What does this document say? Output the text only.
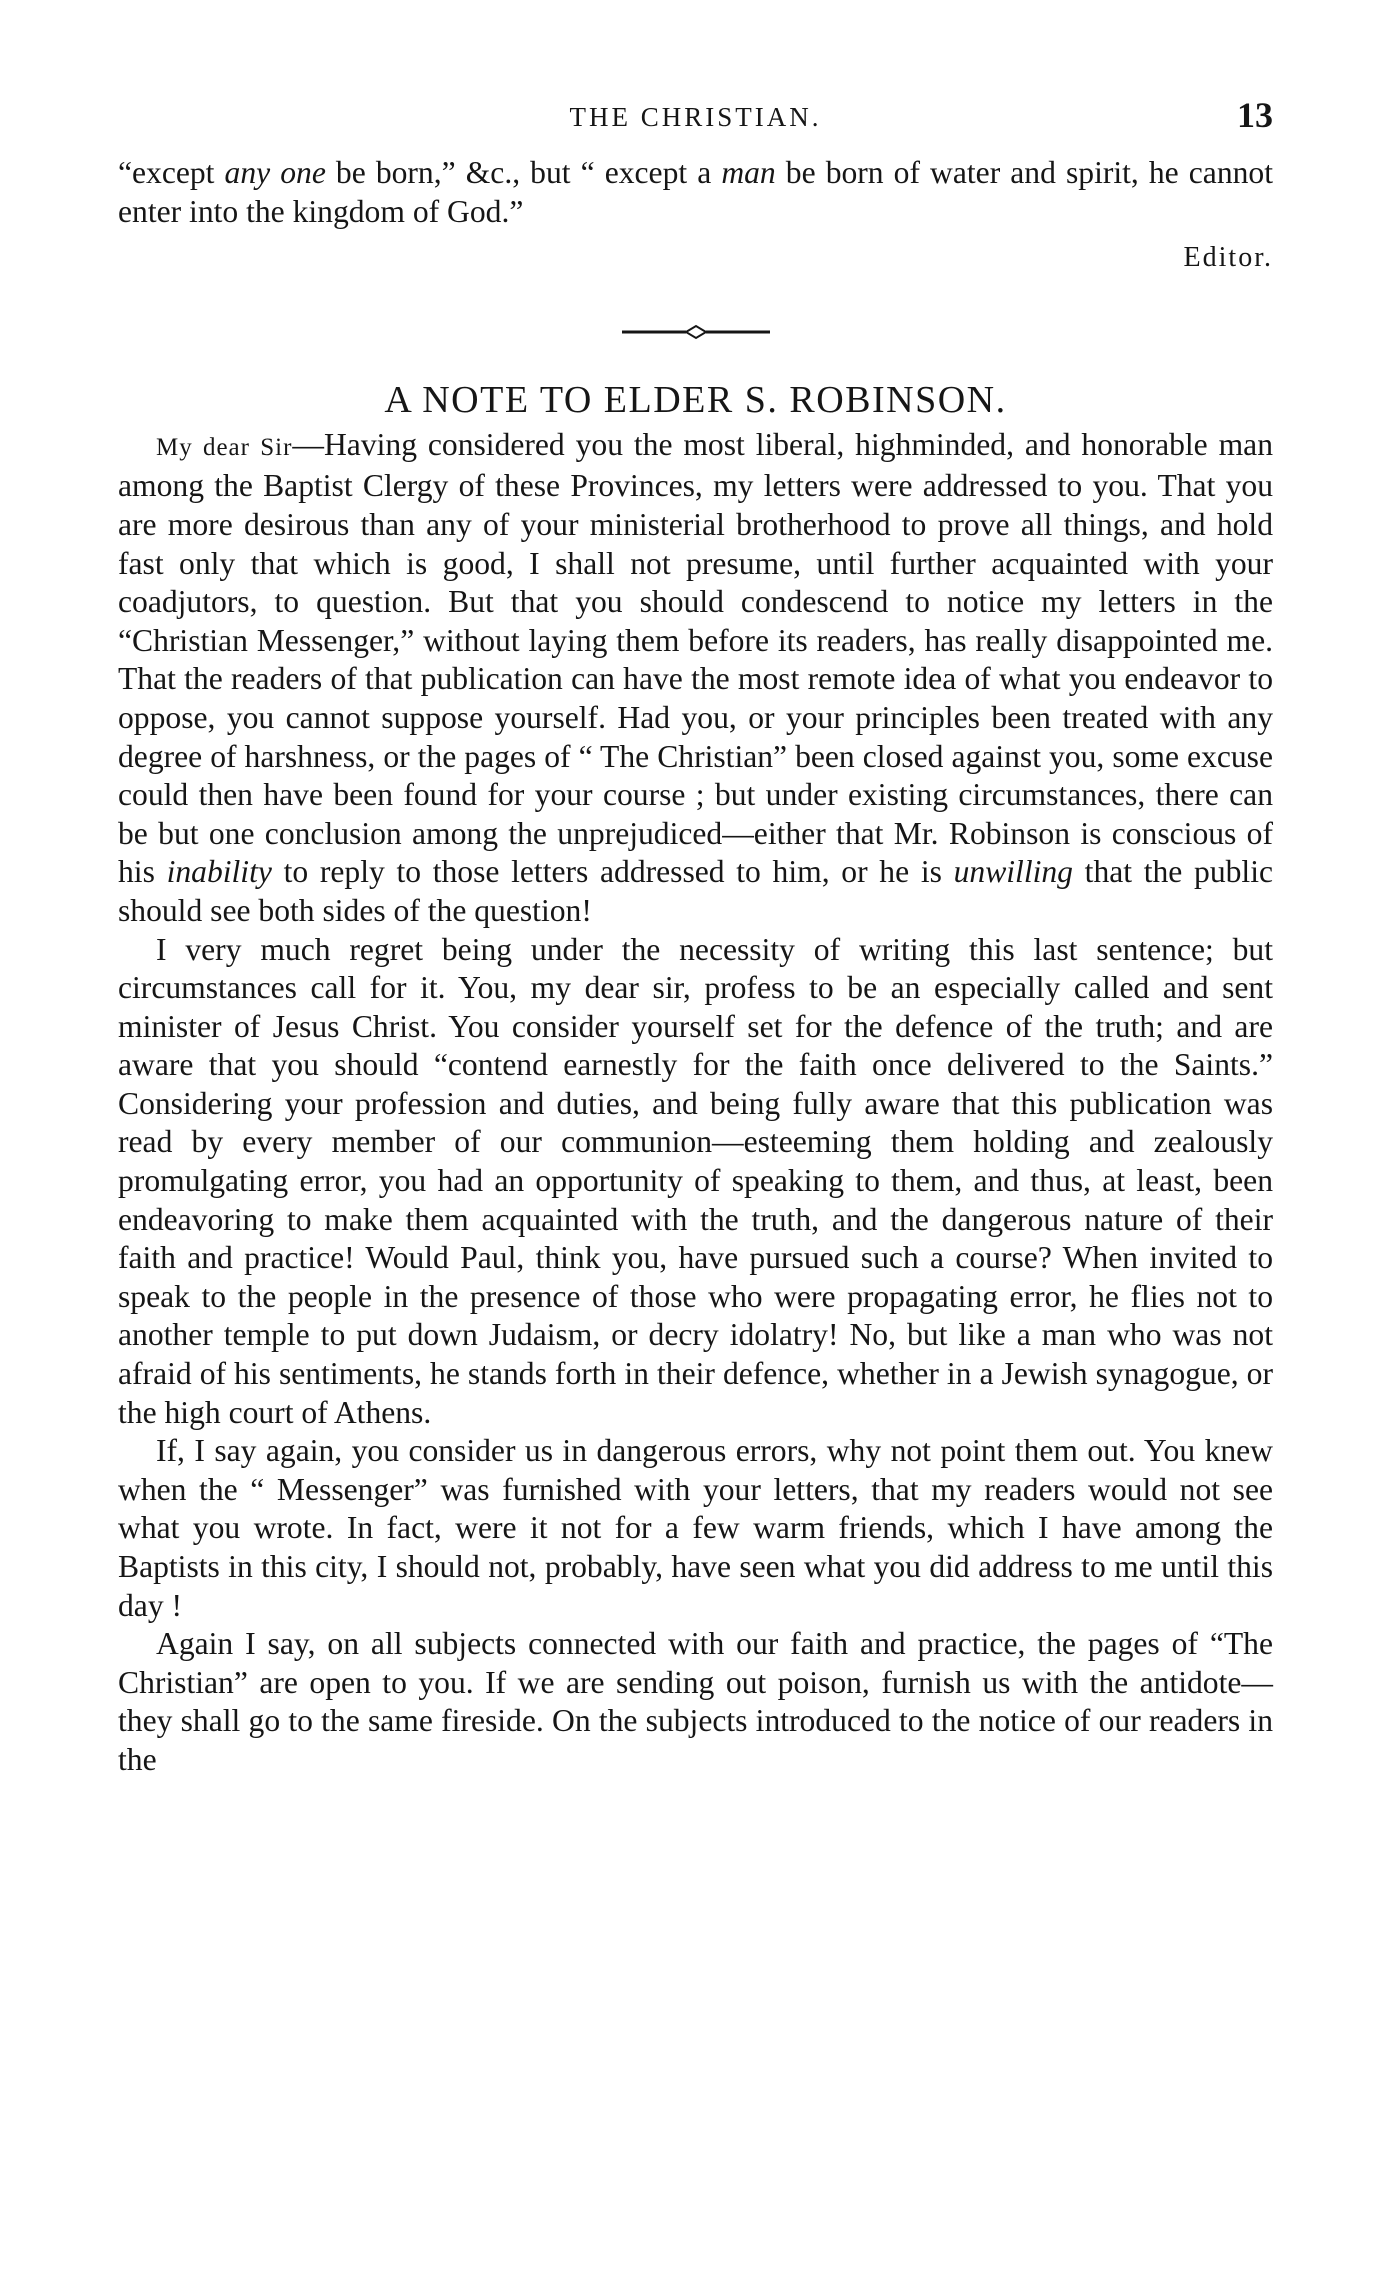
THE CHRISTIAN.	13

“except any one be born,” &c., but “ except a man be born of water and spirit, he cannot enter into the kingdom of God.”

Editor.
A NOTE TO ELDER S. ROBINSON.

My dear Sir—Having considered you the most liberal, highminded, and honorable man among the Baptist Clergy of these Provinces, my letters were addressed to you. That you are more desirous than any of your ministerial brotherhood to prove all things, and hold fast only that which is good, I shall not presume, until further acquainted with your coadjutors, to question. But that you should condescend to notice my letters in the “Christian Messenger,” without laying them before its readers, has really disappointed me. That the readers of that publication can have the most remote idea of what you endeavor to oppose, you cannot suppose yourself. Had you, or your principles been treated with any degree of harshness, or the pages of “ The Christian” been closed against you, some excuse could then have been found for your course ; but under existing circumstances, there can be but one conclusion among the unprejudiced—either that Mr. Robinson is conscious of his inability to reply to those letters addressed to him, or he is unwilling that the public should see both sides of the question!

I very much regret being under the necessity of writing this last sentence; but circumstances call for it. You, my dear sir, profess to be an especially called and sent minister of Jesus Christ. You consider yourself set for the defence of the truth; and are aware that you should “contend earnestly for the faith once delivered to the Saints.” Considering your profession and duties, and being fully aware that this publication was read by every member of our communion—esteeming them holding and zealously promulgating error, you had an opportunity of speaking to them, and thus, at least, been endeavoring to make them acquainted with the truth, and the dangerous nature of their faith and practice! Would Paul, think you, have pursued such a course? When invited to speak to the people in the presence of those who were propagating error, he flies not to another temple to put down Judaism, or decry idolatry! No, but like a man who was not afraid of his sentiments, he stands forth in their defence, whether in a Jewish synagogue, or the high court of Athens.

If, I say again, you consider us in dangerous errors, why not point them out. You knew when the “ Messenger” was furnished with your letters, that my readers would not see what you wrote. In fact, were it not for a few warm friends, which I have among the Baptists in this city, I should not, probably, have seen what you did address to me until this day !

Again I say, on all subjects connected with our faith and practice, the pages of “The Christian” are open to you. If we are sending out poison, furnish us with the antidote—they shall go to the same fireside. On the subjects introduced to the notice of our readers in the
